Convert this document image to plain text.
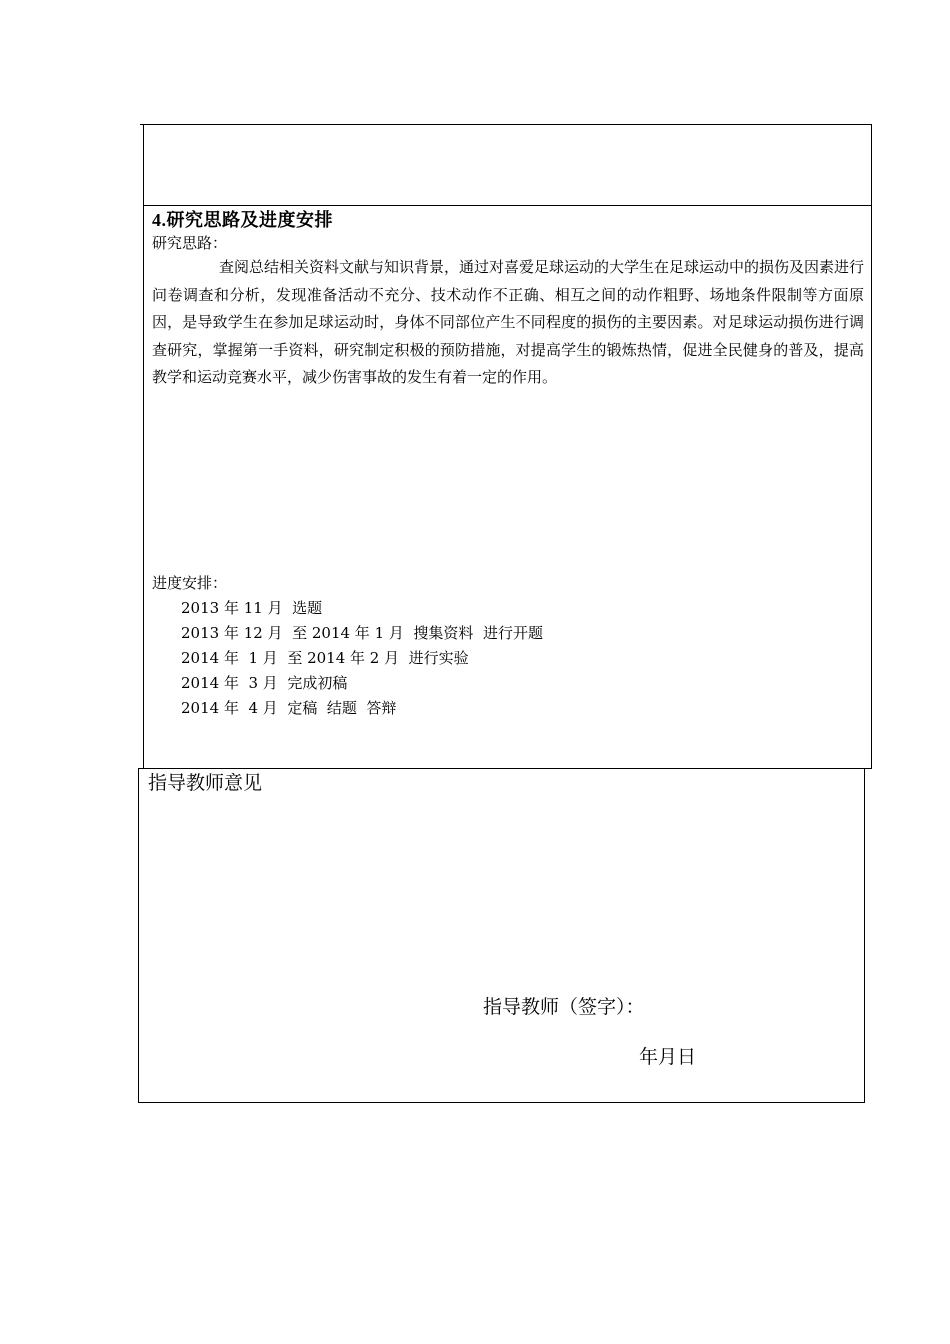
4.研究思路及进度安排
研究思路：
查阅总结相关资料文献与知识背景，通过对喜爱足球运动的大学生在足球运动中的损伤及因素进行问卷调查和分析，发现准备活动不充分、技术动作不正确、相互之间的动作粗野、场地条件限制等方面原因，是导致学生在参加足球运动时，身体不同部位产生不同程度的损伤的主要因素。对足球运动损伤进行调查研究，掌握第一手资料，研究制定积极的预防措施，对提高学生的锻炼热情，促进全民健身的普及，提高教学和运动竞赛水平，减少伤害事故的发生有着一定的作用。
进度安排：
2013 年 11 月  选题
2013 年 12 月  至 2014 年 1 月  搜集资料  进行开题
2014 年  1 月  至 2014 年 2 月  进行实验
2014 年  3 月  完成初稿
2014 年  4 月  定稿  结题  答辩
指导教师意见
指导教师（签字）：
年月日
